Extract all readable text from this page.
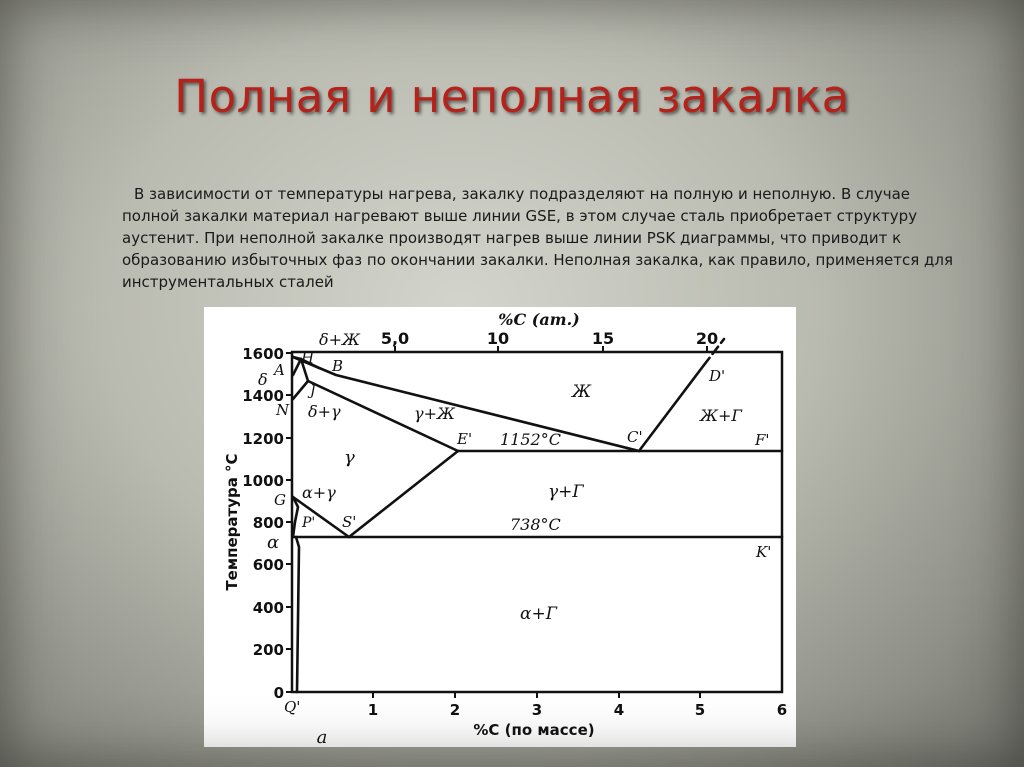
Полная и неполная закалка

В зависимости от температуры нагрева, закалку подразделяют на полную и неполную. В случае полной закалки материал нагревают выше линии GSE, в этом случае сталь приобретает структуру аустенит. При неполной закалке производят нагрев выше линии PSK диаграммы, что приводит к образованию избыточных фаз по окончании закалки. Неполная закалка, как правило, применяется для инструментальных сталей

5,0	10	15	20
%C (ат.)
1600
1400
1200
1000
800
600
400
200
0
Температура °C
1	2	3	4	5	6
%C (по массе)
а
A
H B
J
N
δ	D'
E'	C'	F'
G
P' S'
K'
Q'
α
δ+Ж
δ+γ
Ж
γ+Ж
γ
Ж+Г
α+γ	γ+Г
α+Г
1152°C
738°C
